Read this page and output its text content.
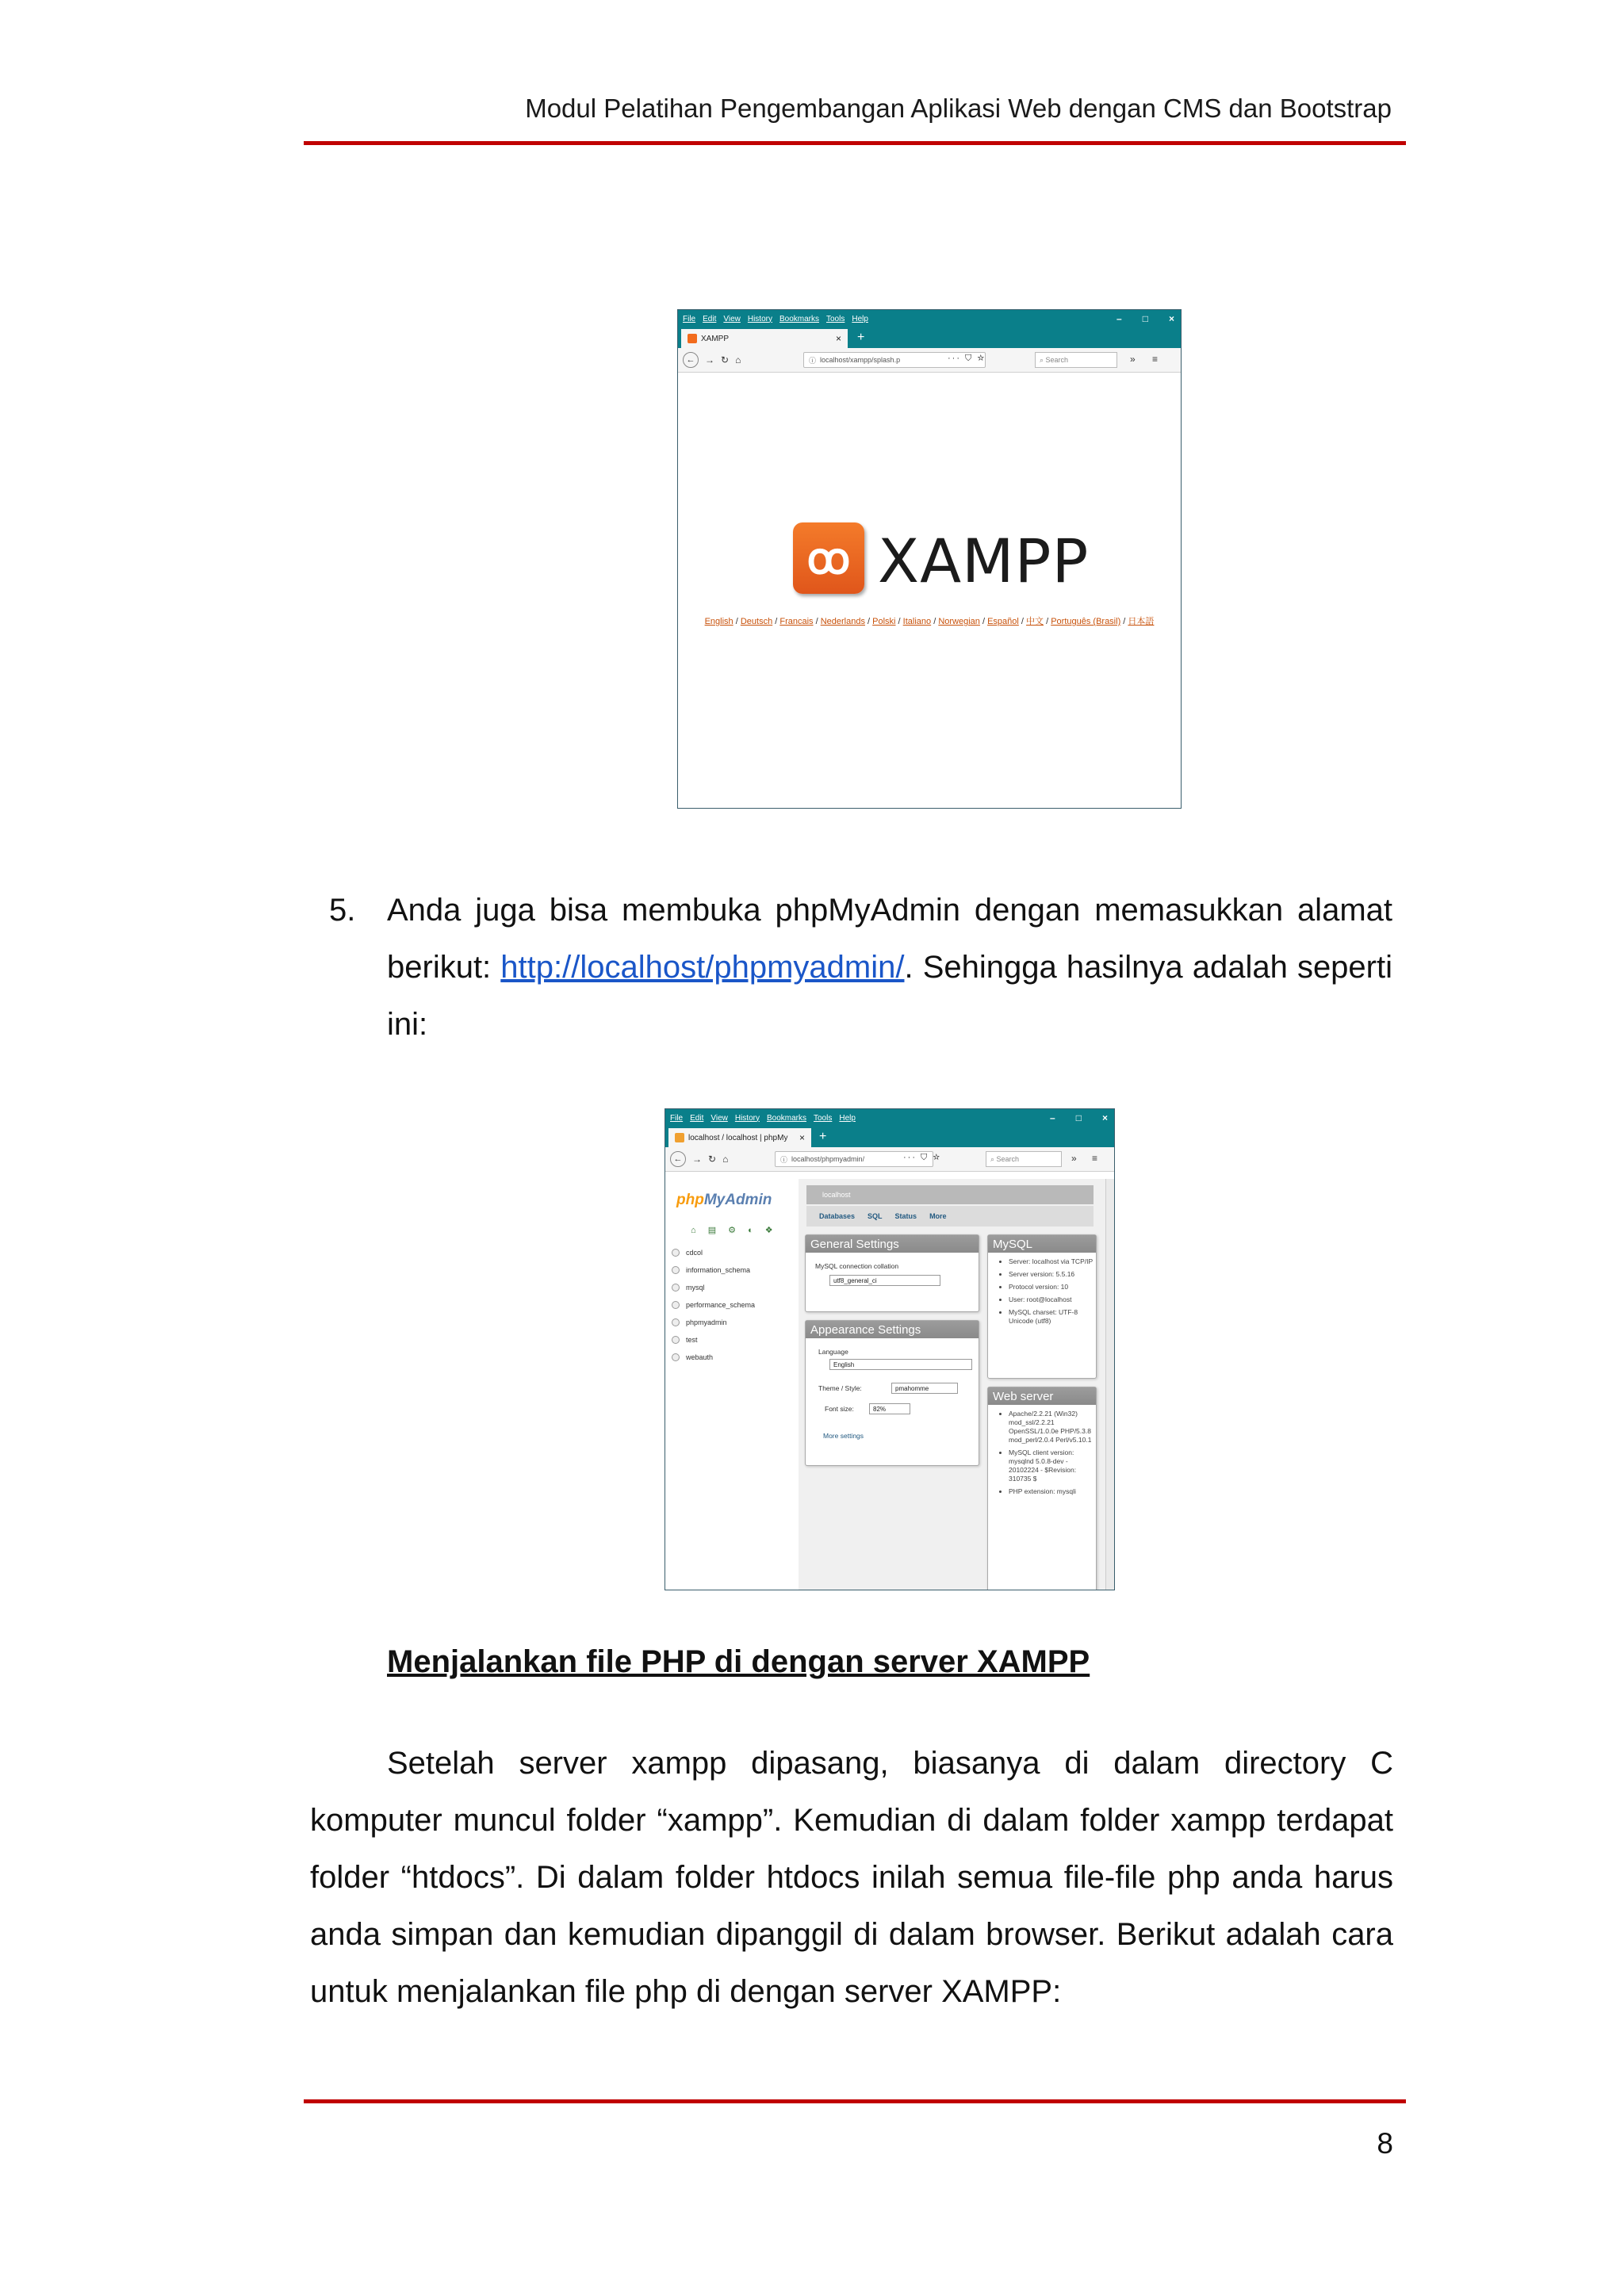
Modul Pelatihan Pengembangan Aplikasi Web dengan CMS dan Bootstrap
File Edit View History Bookmarks Tools Help	– □ ×
XAMPP	× +
←	→ ↻ ⌂	ⓘ localhost/xampp/splash.p	··· ⛉ ☆	⌕ Search	» ≡
ꝏ XAMPP
English / Deutsch / Francais / Nederlands / Polski / Italiano / Norwegian / Español / 中文 / Português (Brasil) / 日本語
5. Anda juga bisa membuka phpMyAdmin dengan memasukkan alamat berikut: http://localhost/phpmyadmin/. Sehingga hasilnya adalah seperti ini:
File Edit View History Bookmarks Tools Help	– □ ×
localhost / localhost | phpMy × +
←	→ ↻ ⌂	ⓘ localhost/phpmyadmin/	··· ⛉ ☆	⌕ Search	» ≡
phpMyAdmin
⌂ ▤ ⚙ ◐ ❖
cdcol
information_schema
mysql
performance_schema
phpmyadmin
test
webauth
localhost
Databases SQL Status More
General Settings
MySQL connection collation
utf8_general_ci
Appearance Settings
Language
English
Theme / Style:	pmahomme
Font size:	82%
More settings
MySQL
• Server: localhost via TCP/IP
• Server version: 5.5.16
• Protocol version: 10
• User: root@localhost
• MySQL charset: UTF-8 Unicode (utf8)
Web server
• Apache/2.2.21 (Win32) mod_ssl/2.2.21 OpenSSL/1.0.0e PHP/5.3.8 mod_perl/2.0.4 Perl/v5.10.1
• MySQL client version: mysqlnd 5.0.8-dev - 20102224 - $Revision: 310735 $
• PHP extension: mysqli
Menjalankan file PHP di dengan server XAMPP
Setelah server xampp dipasang, biasanya di dalam directory C komputer muncul folder “xampp”. Kemudian di dalam folder xampp terdapat folder “htdocs”. Di dalam folder htdocs inilah semua file-file php anda harus anda simpan dan kemudian dipanggil di dalam browser. Berikut adalah cara untuk menjalankan file php di dengan server XAMPP:
8
